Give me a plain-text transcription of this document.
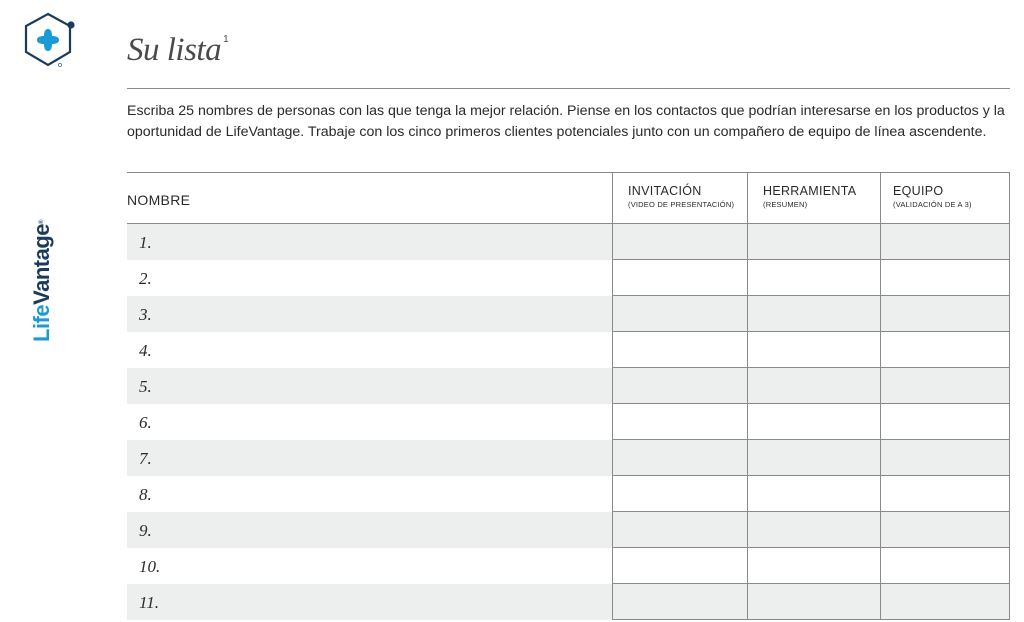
LifeVantage®
Su lista $^1$
Escriba 25 nombres de personas con las que tenga la mejor relación. Piense en los contactos que podrían interesarse en los productos y la oportunidad de LifeVantage. Trabaje con los cinco primeros clientes potenciales junto con un compañero de equipo de línea ascendente.
NOMBRE
INVITACIÓN
(VIDEO DE PRESENTACIÓN)
HERRAMIENTA
(RESUMEN)
EQUIPO
(VALIDACIÓN DE A 3)
1.
2.
3.
4.
5.
6.
7.
8.
9.
10.
11.
